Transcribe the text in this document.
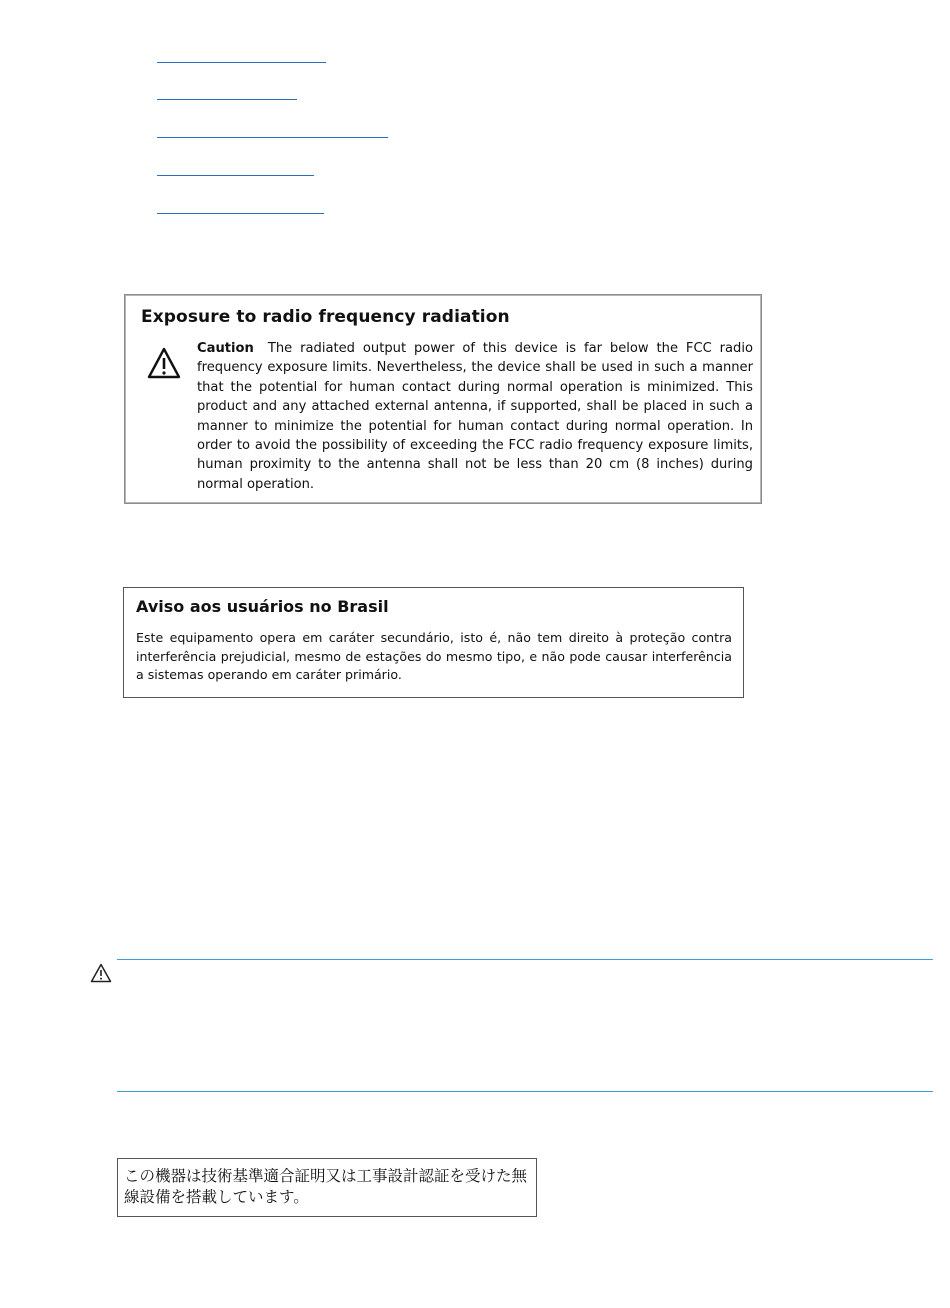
Exposure to radio frequency radiation
Caution The radiated output power of this device is far below the FCC radio frequency exposure limits. Nevertheless, the device shall be used in such a manner that the potential for human contact during normal operation is minimized. This product and any attached external antenna, if supported, shall be placed in such a manner to minimize the potential for human contact during normal operation. In order to avoid the possibility of exceeding the FCC radio frequency exposure limits, human proximity to the antenna shall not be less than 20 cm (8 inches) during normal operation.
Aviso aos usuários no Brasil
Este equipamento opera em caráter secundário, isto é, não tem direito à proteção contra interferência prejudicial, mesmo de estações do mesmo tipo, e não pode causar interferência a sistemas operando em caráter primário.
この機器は技術基準適合証明又は工事設計認証を受けた無線設備を搭載しています。
